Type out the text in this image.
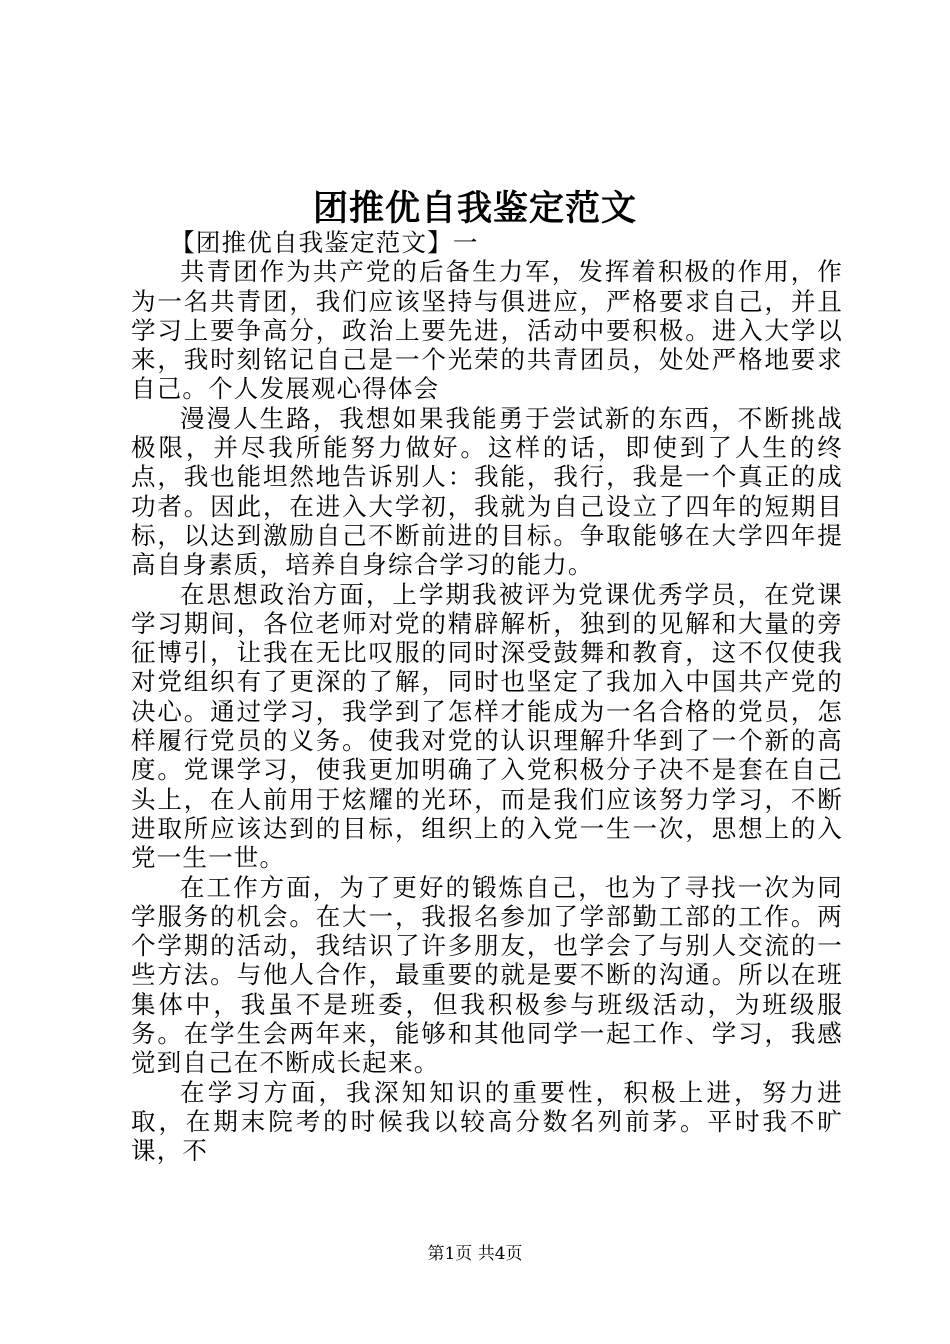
团推优自我鉴定范文

【团推优自我鉴定范文】一

共青团作为共产党的后备生力军，发挥着积极的作用，作为一名共青团，我们应该坚持与俱进应，严格要求自己，并且学习上要争高分，政治上要先进，活动中要积极。进入大学以来，我时刻铭记自己是一个光荣的共青团员，处处严格地要求自己。个人发展观心得体会

漫漫人生路，我想如果我能勇于尝试新的东西，不断挑战极限，并尽我所能努力做好。这样的话，即使到了人生的终点，我也能坦然地告诉别人：我能，我行，我是一个真正的成功者。因此，在进入大学初，我就为自己设立了四年的短期目标，以达到激励自己不断前进的目标。争取能够在大学四年提高自身素质，培养自身综合学习的能力。

在思想政治方面，上学期我被评为党课优秀学员，在党课学习期间，各位老师对党的精辟解析，独到的见解和大量的旁征博引，让我在无比叹服的同时深受鼓舞和教育，这不仅使我对党组织有了更深的了解，同时也坚定了我加入中国共产党的决心。通过学习，我学到了怎样才能成为一名合格的党员，怎样履行党员的义务。使我对党的认识理解升华到了一个新的高度。党课学习，使我更加明确了入党积极分子决不是套在自己头上，在人前用于炫耀的光环，而是我们应该努力学习，不断进取所应该达到的目标，组织上的入党一生一次，思想上的入党一生一世。

在工作方面，为了更好的锻炼自己，也为了寻找一次为同学服务的机会。在大一，我报名参加了学部勤工部的工作。两个学期的活动，我结识了许多朋友，也学会了与别人交流的一些方法。与他人合作，最重要的就是要不断的沟通。所以在班集体中，我虽不是班委，但我积极参与班级活动，为班级服务。在学生会两年来，能够和其他同学一起工作、学习，我感觉到自己在不断成长起来。

在学习方面，我深知知识的重要性，积极上进，努力进取，在期末院考的时候我以较高分数名列前茅。平时我不旷课，不

第1页 共4页
